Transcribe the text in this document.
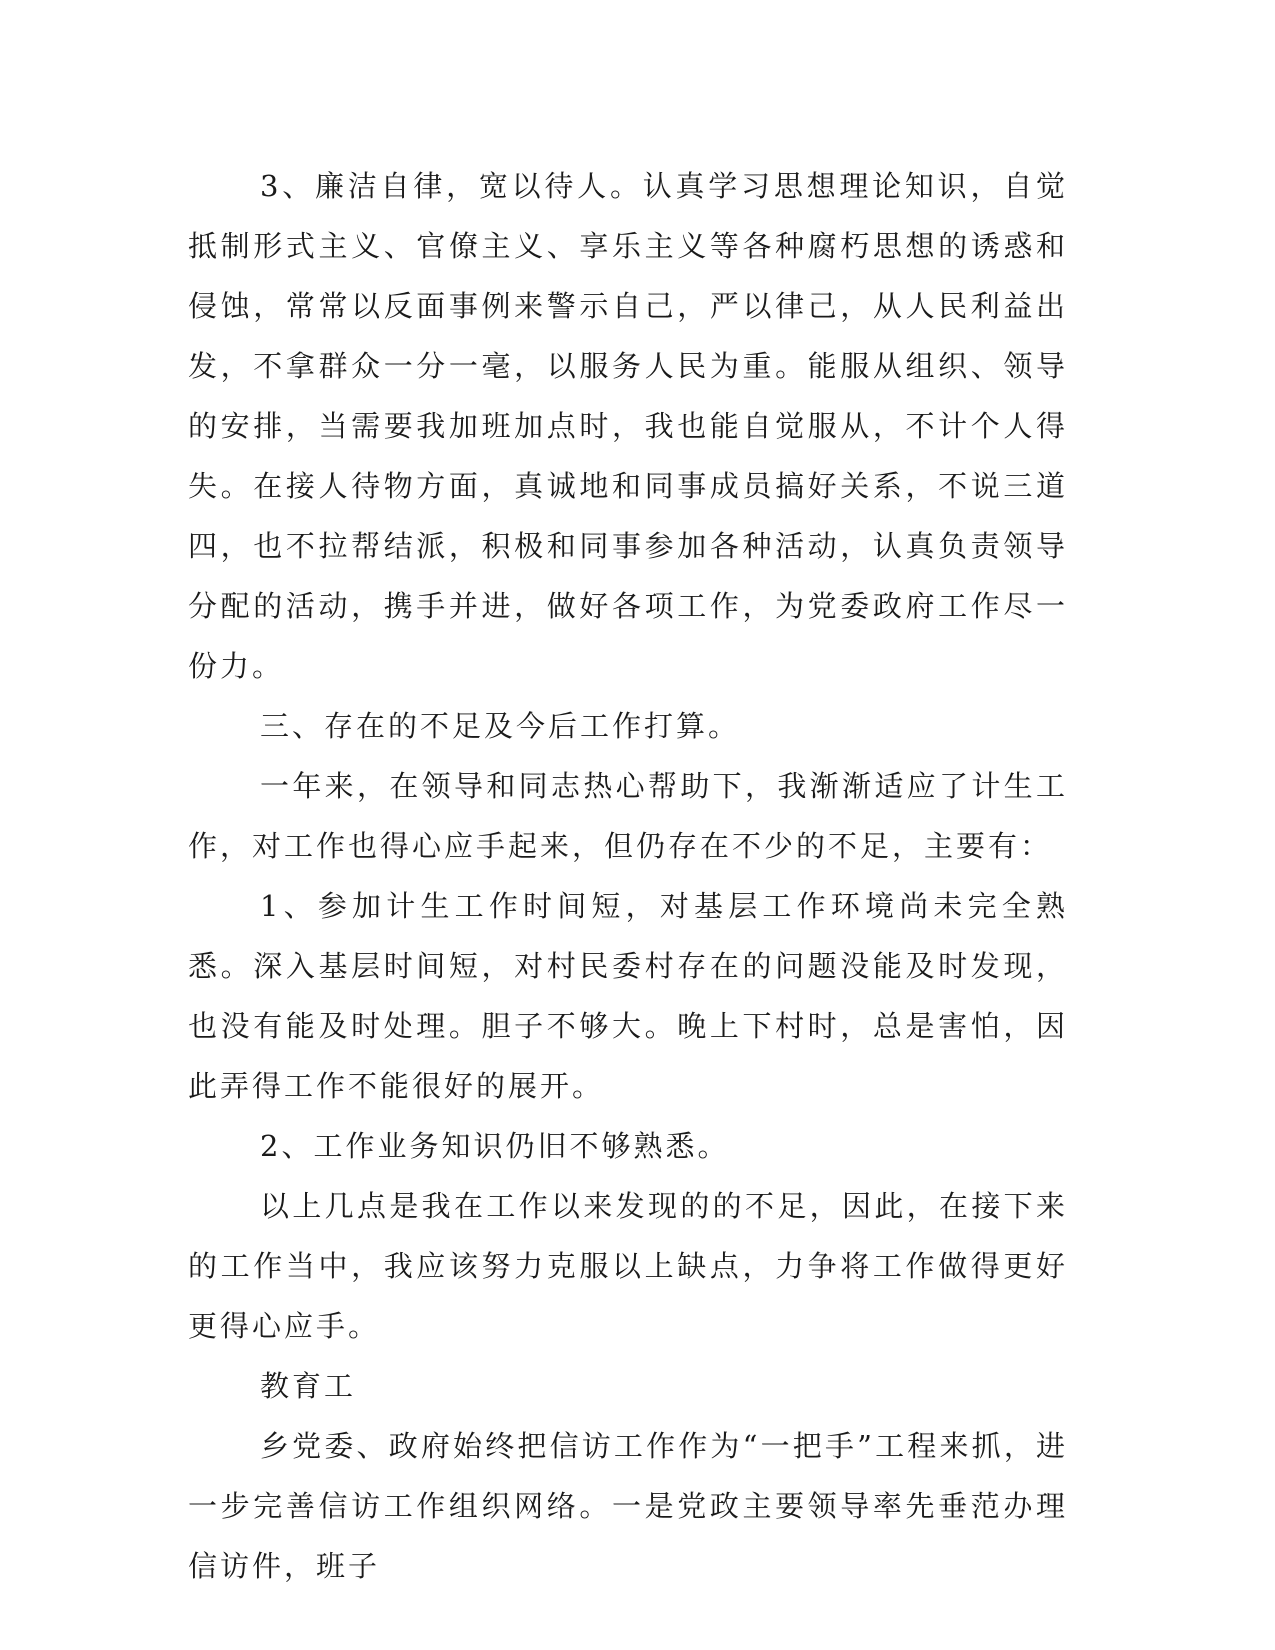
3、廉洁自律，宽以待人。认真学习思想理论知识，自觉抵制形式主义、官僚主义、享乐主义等各种腐朽思想的诱惑和侵蚀，常常以反面事例来警示自己，严以律己，从人民利益出发，不拿群众一分一毫，以服务人民为重。能服从组织、领导的安排，当需要我加班加点时，我也能自觉服从，不计个人得失。在接人待物方面，真诚地和同事成员搞好关系，不说三道四，也不拉帮结派，积极和同事参加各种活动，认真负责领导分配的活动，携手并进，做好各项工作，为党委政府工作尽一份力。

三、存在的不足及今后工作打算。

一年来，在领导和同志热心帮助下，我渐渐适应了计生工作，对工作也得心应手起来，但仍存在不少的不足，主要有：

1、参加计生工作时间短，对基层工作环境尚未完全熟悉。深入基层时间短，对村民委村存在的问题没能及时发现，也没有能及时处理。胆子不够大。晚上下村时，总是害怕，因此弄得工作不能很好的展开。

2、工作业务知识仍旧不够熟悉。

以上几点是我在工作以来发现的的不足，因此，在接下来的工作当中，我应该努力克服以上缺点，力争将工作做得更好更得心应手。

教育工

乡党委、政府始终把信访工作作为“一把手”工程来抓，进一步完善信访工作组织网络。一是党政主要领导率先垂范办理信访件，班子
